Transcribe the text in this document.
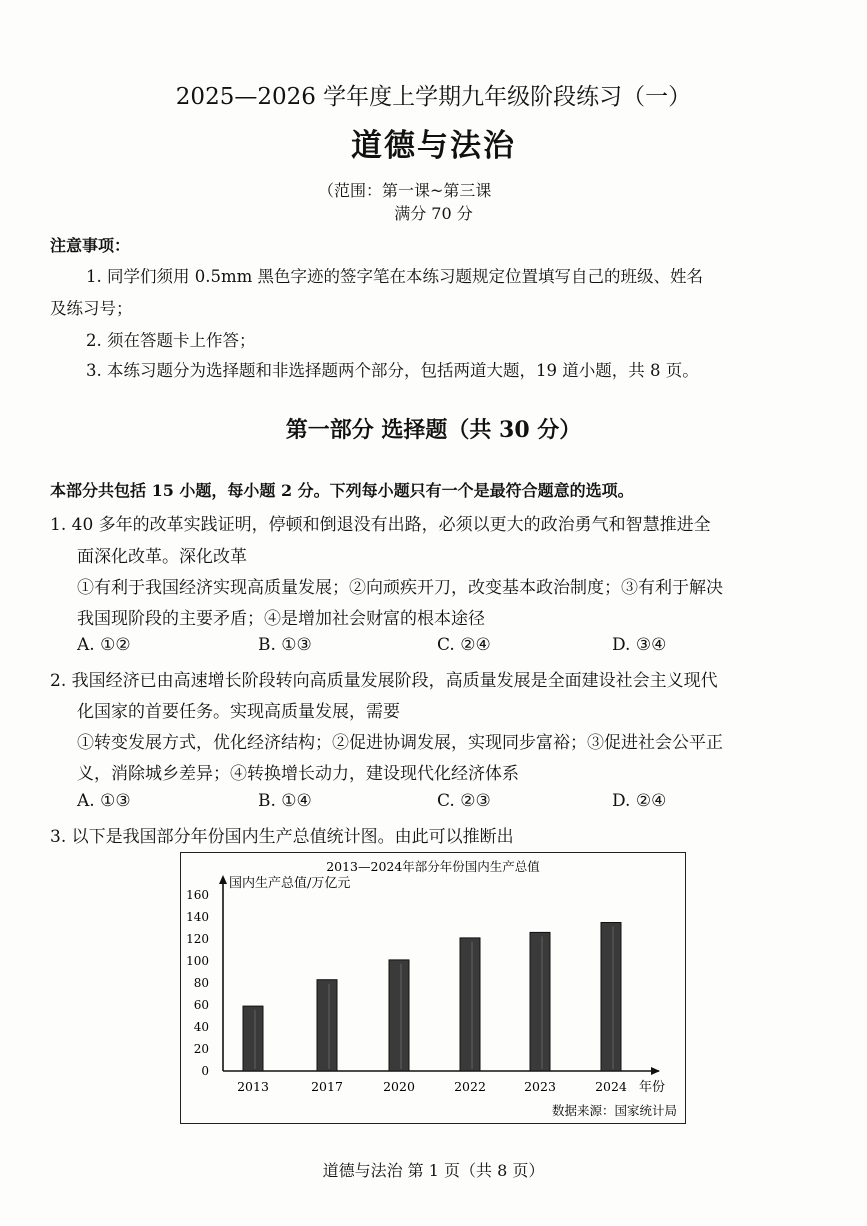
2025—2026 学年度上学期九年级阶段练习（一）
道德与法治
（范围：第一课~第三课
满分 70 分
注意事项：
1. 同学们须用 0.5mm 黑色字迹的签字笔在本练习题规定位置填写自己的班级、姓名
及练习号；
2. 须在答题卡上作答；
3. 本练习题分为选择题和非选择题两个部分，包括两道大题，19 道小题，共 8 页。
第一部分 选择题（共 30 分）
本部分共包括 15 小题，每小题 2 分。下列每小题只有一个是最符合题意的选项。
1. 40 多年的改革实践证明，停顿和倒退没有出路，必须以更大的政治勇气和智慧推进全
面深化改革。深化改革
①有利于我国经济实现高质量发展；②向顽疾开刀，改变基本政治制度；③有利于解决
我国现阶段的主要矛盾；④是增加社会财富的根本途径
A. ①②	B. ①③	C. ②④	D. ③④
2. 我国经济已由高速增长阶段转向高质量发展阶段，高质量发展是全面建设社会主义现代
化国家的首要任务。实现高质量发展，需要
①转变发展方式，优化经济结构；②促进协调发展，实现同步富裕；③促进社会公平正
义，消除城乡差异；④转换增长动力，建设现代化经济体系
A. ①③	B. ①④	C. ②③	D. ②④
3. 以下是我国部分年份国内生产总值统计图。由此可以推断出
2013—2024年部分年份国内生产总值
国内生产总值/万亿元
0
20
40
60
80
100
120
140
160
2013	2017	2020	2022	2023	2024 年份
数据来源：国家统计局
道德与法治 第 1 页（共 8 页）
